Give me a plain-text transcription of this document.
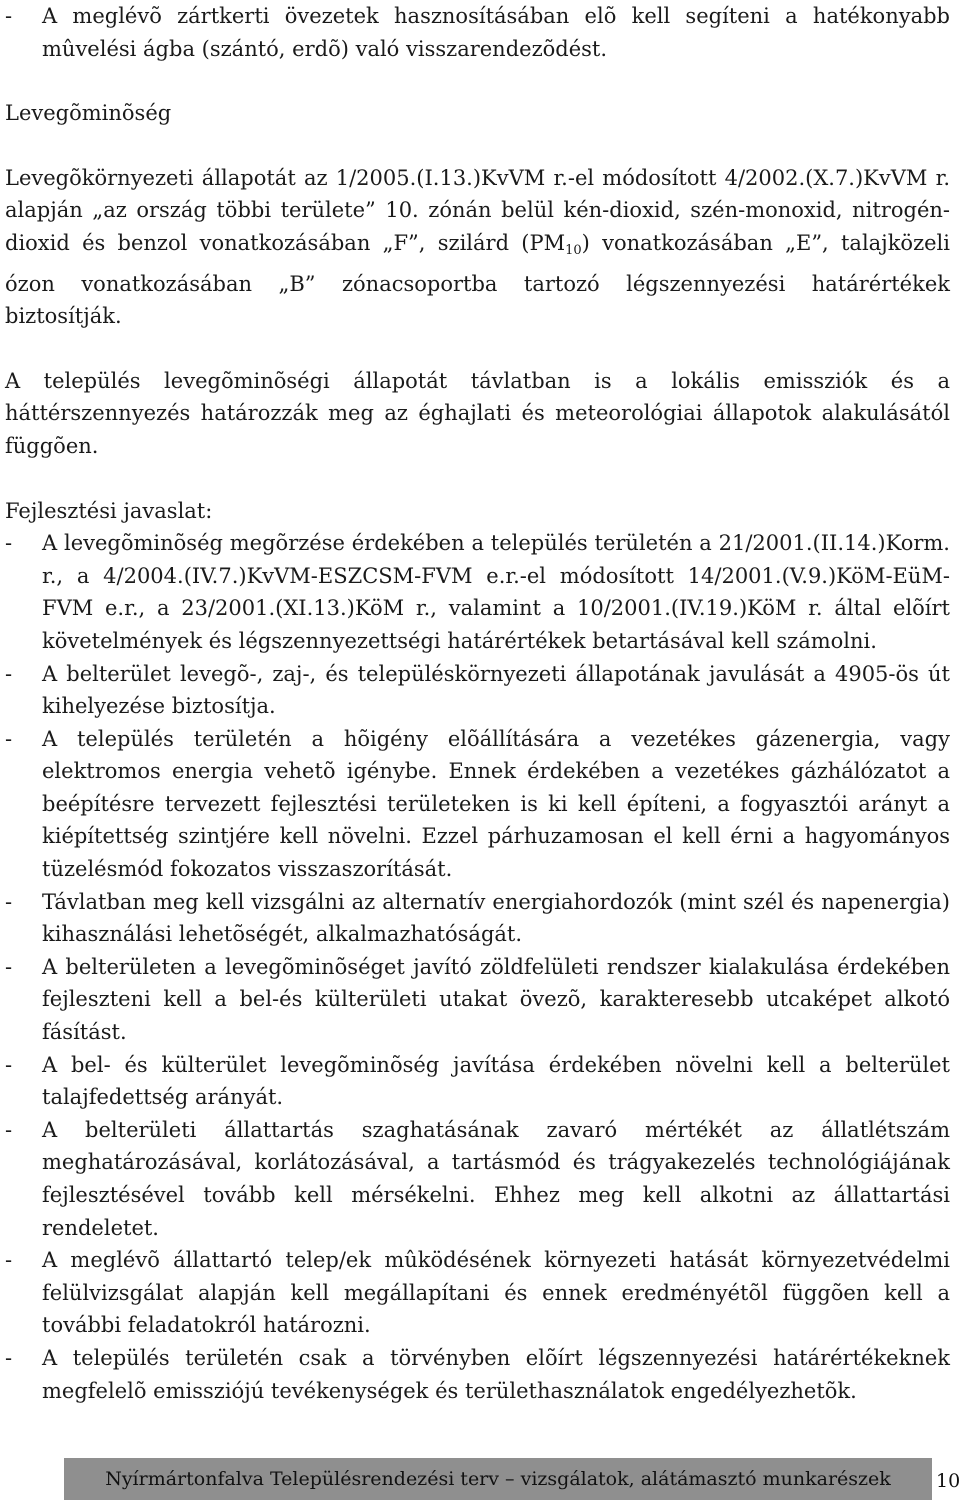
-	A meglévõ zártkerti övezetek hasznosításában elõ kell segíteni a hatékonyabb mûvelési ágba (szántó, erdõ) való visszarendezõdést.
Levegõminõség
Levegõkörnyezeti állapotát az 1/2005.(I.13.)KvVM r.-el módosított 4/2002.(X.7.)KvVM r. alapján „az ország többi területe” 10. zónán belül kén-dioxid, szén-monoxid, nitrogén-dioxid és benzol vonatkozásában „F”, szilárd $(PM_{10})$ vonatkozásában „E”, talajközeli ózon vonatkozásában „B” zónacsoportba tartozó légszennyezési határértékek biztosítják.
A település levegõminõségi állapotát távlatban is a lokális emissziók és a háttérszennyezés határozzák meg az éghajlati és meteorológiai állapotok alakulásától függõen.
Fejlesztési javaslat:
-	A levegõminõség megõrzése érdekében a település területén a 21/2001.(II.14.)Korm. r., a 4/2004.(IV.7.)KvVM-ESZCSM-FVM e.r.-el módosított 14/2001.(V.9.)KöM-EüM-FVM e.r., a 23/2001.(XI.13.)KöM r., valamint a 10/2001.(IV.19.)KöM r. által elõírt követelmények és légszennyezettségi határértékek betartásával kell számolni.
-	A belterület levegõ-, zaj-, és településkörnyezeti állapotának javulását a 4905-ös út kihelyezése biztosítja.
-	A település területén a hõigény elõállítására a vezetékes gázenergia, vagy elektromos energia vehetõ igénybe. Ennek érdekében a vezetékes gázhálózatot a beépítésre tervezett fejlesztési területeken is ki kell építeni, a fogyasztói arányt a kiépítettség szintjére kell növelni. Ezzel párhuzamosan el kell érni a hagyományos tüzelésmód fokozatos visszaszorítását.
-	Távlatban meg kell vizsgálni az alternatív energiahordozók (mint szél és napenergia) kihasználási lehetõségét, alkalmazhatóságát.
-	A belterületen a levegõminõséget javító zöldfelületi rendszer kialakulása érdekében fejleszteni kell a bel-és külterületi utakat övezõ, karakteresebb utcaképet alkotó fásítást.
-	A bel- és külterület levegõminõség javítása érdekében növelni kell a belterület talajfedettség arányát.
-	A belterületi állattartás szaghatásának zavaró mértékét az állatlétszám meghatározásával, korlátozásával, a tartásmód és trágyakezelés technológiájának fejlesztésével tovább kell mérsékelni. Ehhez meg kell alkotni az állattartási rendeletet.
-	A meglévõ állattartó telep/ek mûködésének környezeti hatását környezetvédelmi felülvizsgálat alapján kell megállapítani és ennek eredményétõl függõen kell a további feladatokról határozni.
-	A település területén csak a törvényben elõírt légszennyezési határértékeknek megfelelõ emissziójú tevékenységek és területhasználatok engedélyezhetõk.
Nyírmártonfalva Településrendezési terv – vizsgálatok, alátámasztó munkarészek 10
